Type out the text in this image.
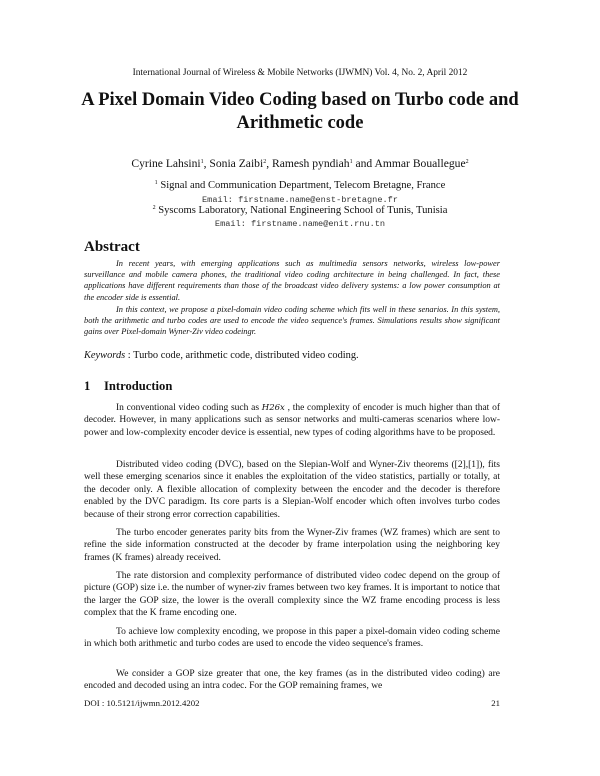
International Journal of Wireless & Mobile Networks (IJWMN) Vol. 4, No. 2, April 2012
A Pixel Domain Video Coding based on Turbo code and Arithmetic code
Cyrine Lahsini$^1$, Sonia Zaibi$^2$, Ramesh pyndiah$^1$ and Ammar Bouallegue$^2$
$^1$ Signal and Communication Department, Telecom Bretagne, France
Email: firstname.name@enst-bretagne.fr
$^2$ Syscoms Laboratory, National Engineering School of Tunis, Tunisia
Email: firstname.name@enit.rnu.tn
Abstract
In recent years, with emerging applications such as multimedia sensors networks, wireless low-power surveillance and mobile camera phones, the traditional video coding architecture in being challenged. In fact, these applications have different requirements than those of the broadcast video delivery systems: a low power consumption at the encoder side is essential.
In this context, we propose a pixel-domain video coding scheme which fits well in these senarios. In this system, both the arithmetic and turbo codes are used to encode the video sequence's frames. Simulations results show significant gains over Pixel-domain Wyner-Ziv video codeingr.
Keywords : Turbo code, arithmetic code, distributed video coding.
1 Introduction
In conventional video coding such as H26x , the complexity of encoder is much higher than that of decoder. However, in many applications such as sensor networks and multi-cameras scenarios where low-power and low-complexity encoder device is essential, new types of coding algorithms have to be proposed.
Distributed video coding (DVC), based on the Slepian-Wolf and Wyner-Ziv theorems ([2],[1]), fits well these emerging scenarios since it enables the exploitation of the video statistics, partially or totally, at the decoder only. A flexible allocation of complexity between the encoder and the decoder is therefore enabled by the DVC paradigm. Its core parts is a Slepian-Wolf encoder which often involves turbo codes because of their strong error correction capabilities.
The turbo encoder generates parity bits from the Wyner-Ziv frames (WZ frames) which are sent to refine the side information constructed at the decoder by frame interpolation using the neighboring key frames (K frames) already received.
The rate distorsion and complexity performance of distributed video codec depend on the group of picture (GOP) size i.e. the number of wyner-ziv frames between two key frames. It is important to notice that the larger the GOP size, the lower is the overall complexity since the WZ frame encoding process is less complex that the K frame encoding one.
To achieve low complexity encoding, we propose in this paper a pixel-domain video coding scheme in which both arithmetic and turbo codes are used to encode the video sequence's frames.
We consider a GOP size greater that one, the key frames (as in the distributed video coding) are encoded and decoded using an intra codec. For the GOP remaining frames, we
DOI : 10.5121/ijwmn.2012.4202	21
